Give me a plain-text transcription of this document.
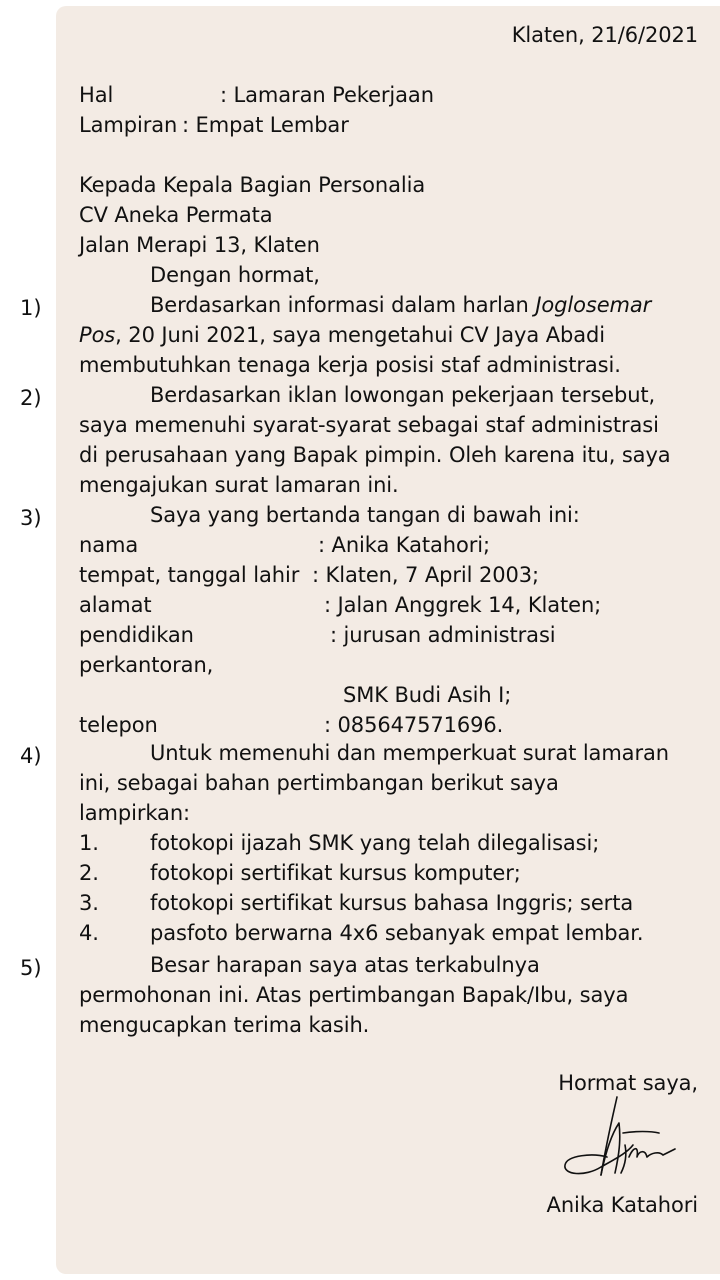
Klaten, 21/6/2021
Hal	: Lamaran Pekerjaan
Lampiran : Empat Lembar
Kepada Kepala Bagian Personalia
CV Aneka Permata
Jalan Merapi 13, Klaten
Dengan hormat,
1)
2)
3)
4)
5)
Berdasarkan informasi dalam harlan Joglosemar
Pos, 20 Juni 2021, saya mengetahui CV Jaya Abadi
membutuhkan tenaga kerja posisi staf administrasi.
Berdasarkan iklan lowongan pekerjaan tersebut,
saya memenuhi syarat-syarat sebagai staf administrasi
di perusahaan yang Bapak pimpin. Oleh karena itu, saya
mengajukan surat lamaran ini.
Saya yang bertanda tangan di bawah ini:
nama	: Anika Katahori;
tempat, tanggal lahir : Klaten, 7 April 2003;
alamat	: Jalan Anggrek 14, Klaten;
pendidikan	: jurusan administrasi
perkantoran,
SMK Budi Asih I;
telepon	: 085647571696.
Untuk memenuhi dan memperkuat surat lamaran
ini, sebagai bahan pertimbangan berikut saya
lampirkan:
1. fotokopi ijazah SMK yang telah dilegalisasi;
2. fotokopi sertifikat kursus komputer;
3. fotokopi sertifikat kursus bahasa Inggris; serta
4. pasfoto berwarna 4x6 sebanyak empat lembar.
Besar harapan saya atas terkabulnya
permohonan ini. Atas pertimbangan Bapak/Ibu, saya
mengucapkan terima kasih.
Hormat saya,
Anika Katahori
